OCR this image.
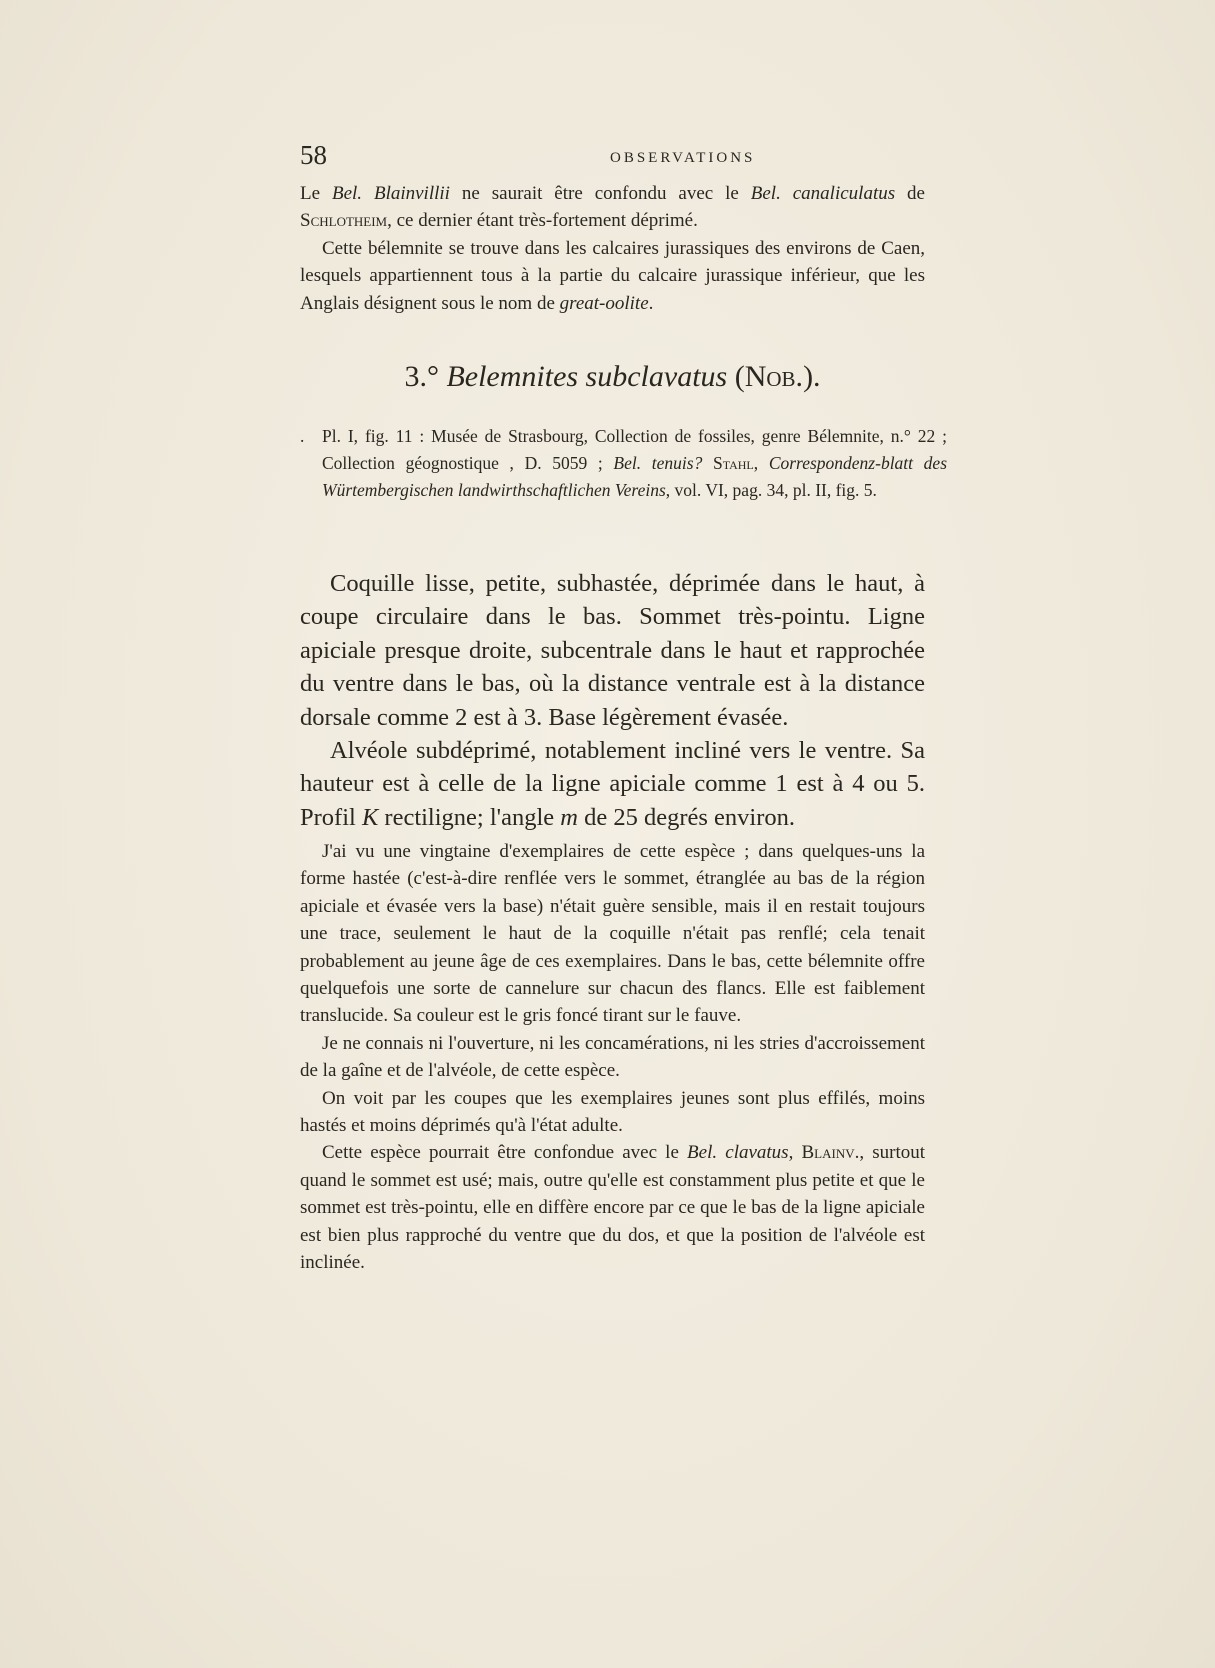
58	OBSERVATIONS

Le Bel. Blainvillii ne saurait être confondu avec le Bel. canaliculatus de Schlotheim, ce dernier étant très-fortement déprimé.

Cette bélemnite se trouve dans les calcaires jurassiques des environs de Caen, lesquels appartiennent tous à la partie du calcaire jurassique inférieur, que les Anglais désignent sous le nom de great-oolite.

3.° Belemnites subclavatus (Nob.).
. Pl. I, fig. 11 : Musée de Strasbourg, Collection de fossiles, genre Bélemnite, n.° 22 ; Collection géognostique , D. 5059 ; Bel. tenuis? Stahl, Correspondenz-blatt des Würtembergischen landwirthschaftlichen Vereins, vol. VI, pag. 34, pl. II, fig. 5.

Coquille lisse, petite, subhastée, déprimée dans le haut, à coupe circulaire dans le bas. Sommet très-pointu. Ligne apiciale presque droite, subcentrale dans le haut et rapprochée du ventre dans le bas, où la distance ventrale est à la distance dorsale comme 2 est à 3. Base légèrement évasée.

Alvéole subdéprimé, notablement incliné vers le ventre. Sa hauteur est à celle de la ligne apiciale comme 1 est à 4 ou 5. Profil K rectiligne; l'angle m de 25 degrés environ.

J'ai vu une vingtaine d'exemplaires de cette espèce ; dans quelques-uns la forme hastée (c'est-à-dire renflée vers le sommet, étranglée au bas de la région apiciale et évasée vers la base) n'était guère sensible, mais il en restait toujours une trace, seulement le haut de la coquille n'était pas renflé; cela tenait probablement au jeune âge de ces exemplaires. Dans le bas, cette bélemnite offre quelquefois une sorte de cannelure sur chacun des flancs. Elle est faiblement translucide. Sa couleur est le gris foncé tirant sur le fauve.

Je ne connais ni l'ouverture, ni les concamérations, ni les stries d'accroissement de la gaîne et de l'alvéole, de cette espèce.

On voit par les coupes que les exemplaires jeunes sont plus effilés, moins hastés et moins déprimés qu'à l'état adulte.

Cette espèce pourrait être confondue avec le Bel. clavatus, Blainv., surtout quand le sommet est usé; mais, outre qu'elle est constamment plus petite et que le sommet est très-pointu, elle en diffère encore par ce que le bas de la ligne apiciale est bien plus rapproché du ventre que du dos, et que la position de l'alvéole est inclinée.
